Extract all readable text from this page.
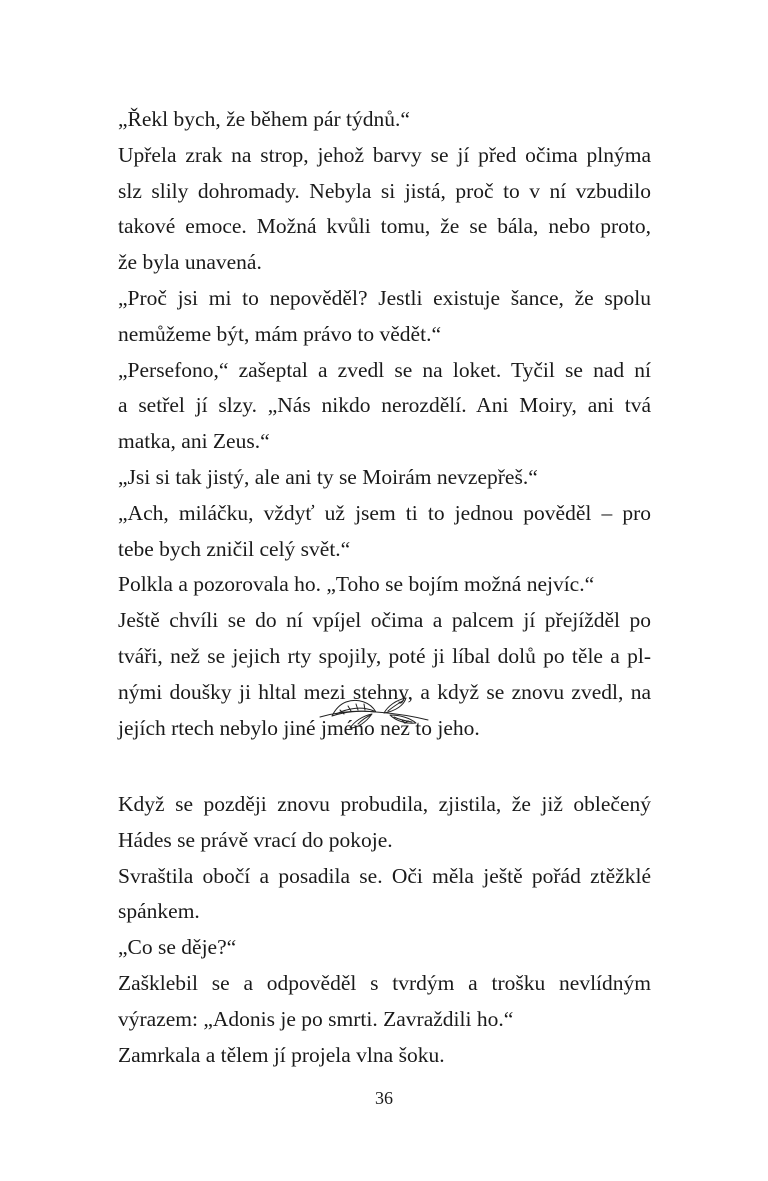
„Řekl bych, že během pár týdnů.“
Upřela zrak na strop, jehož barvy se jí před očima plnýma
slz slily dohromady. Nebyla si jistá, proč to v ní vzbudilo
takové emoce. Možná kvůli tomu, že se bála, nebo proto,
že byla unavená.
„Proč jsi mi to nepověděl? Jestli existuje šance, že spolu
nemůžeme být, mám právo to vědět.“
„Persefono,“ zašeptal a zvedl se na loket. Tyčil se nad ní
a setřel jí slzy. „Nás nikdo nerozdělí. Ani Moiry, ani tvá
matka, ani Zeus.“
„Jsi si tak jistý, ale ani ty se Moirám nevzepřeš.“
„Ach, miláčku, vždyť už jsem ti to jednou pověděl – pro
tebe bych zničil celý svět.“
Polkla a pozorovala ho. „Toho se bojím možná nejvíc.“
Ještě chvíli se do ní vpíjel očima a palcem jí přejížděl po
tváři, než se jejich rty spojily, poté ji líbal dolů po těle a pl-
nými doušky ji hltal mezi stehny, a když se znovu zvedl, na
jejích rtech nebylo jiné jméno než to jeho.
Když se později znovu probudila, zjistila, že již oblečený
Hádes se právě vrací do pokoje.
Svraštila obočí a posadila se. Oči měla ještě pořád ztěžklé
spánkem.
„Co se děje?“
Zašklebil se a odpověděl s tvrdým a trošku nevlídným
výrazem: „Adonis je po smrti. Zavraždili ho.“
Zamrkala a tělem jí projela vlna šoku.
36
